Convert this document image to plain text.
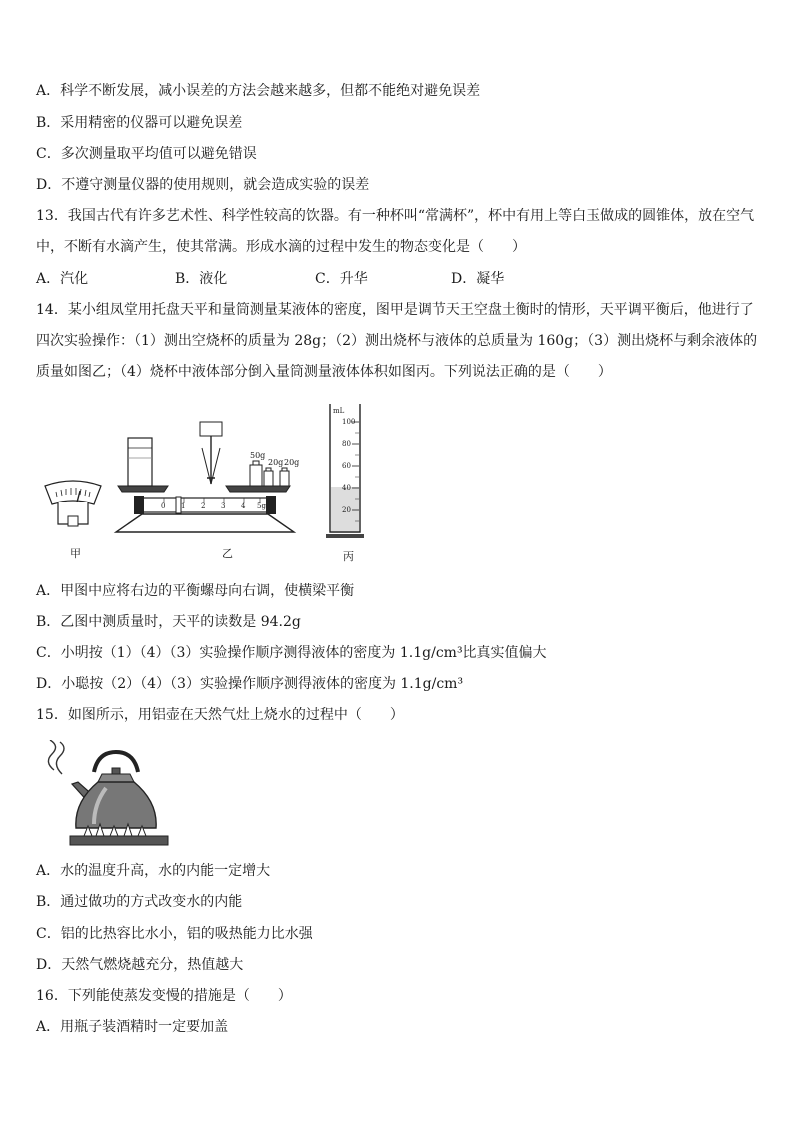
A．科学不断发展，减小误差的方法会越来越多，但都不能绝对避免误差
B．采用精密的仪器可以避免误差
C．多次测量取平均值可以避免错误
D．不遵守测量仪器的使用规则，就会造成实验的误差
13．我国古代有许多艺术性、科学性较高的饮器。有一种杯叫“常满杯”，杯中有用上等白玉做成的圆锥体，放在空气
中，不断有水滴产生，使其常满。形成水滴的过程中发生的物态变化是（　　）
A．汽化	B．液化	C．升华	D．凝华
14．某小组凤堂用托盘天平和量筒测量某液体的密度，图甲是调节天王空盘土衡时的情形，天平调平衡后，他进行了
四次实验操作：（1）测出空烧杯的质量为 28g；（2）测出烧杯与液体的总质量为 160g；（3）测出烧杯与剩余液体的
质量如图乙；（4）烧杯中液体部分倒入量筒测量液体体积如图丙。下列说法正确的是（　　）
甲
50g
20g 20g
0 1 2 3 4 5g
乙
mL
100
80
60
40
20
丙
A．甲图中应将右边的平衡螺母向右调，使横梁平衡
B．乙图中测质量时，天平的读数是 94.2g
C．小明按（1）（4）（3）实验操作顺序测得液体的密度为 1.1g/cm³比真实值偏大
D．小聪按（2）（4）（3）实验操作顺序测得液体的密度为 1.1g/cm³
15．如图所示，用铝壶在天然气灶上烧水的过程中（　　）
A．水的温度升高，水的内能一定增大
B．通过做功的方式改变水的内能
C．铝的比热容比水小，铝的吸热能力比水强
D．天然气燃烧越充分，热值越大
16．下列能使蒸发变慢的措施是（　　）
A．用瓶子装酒精时一定要加盖
